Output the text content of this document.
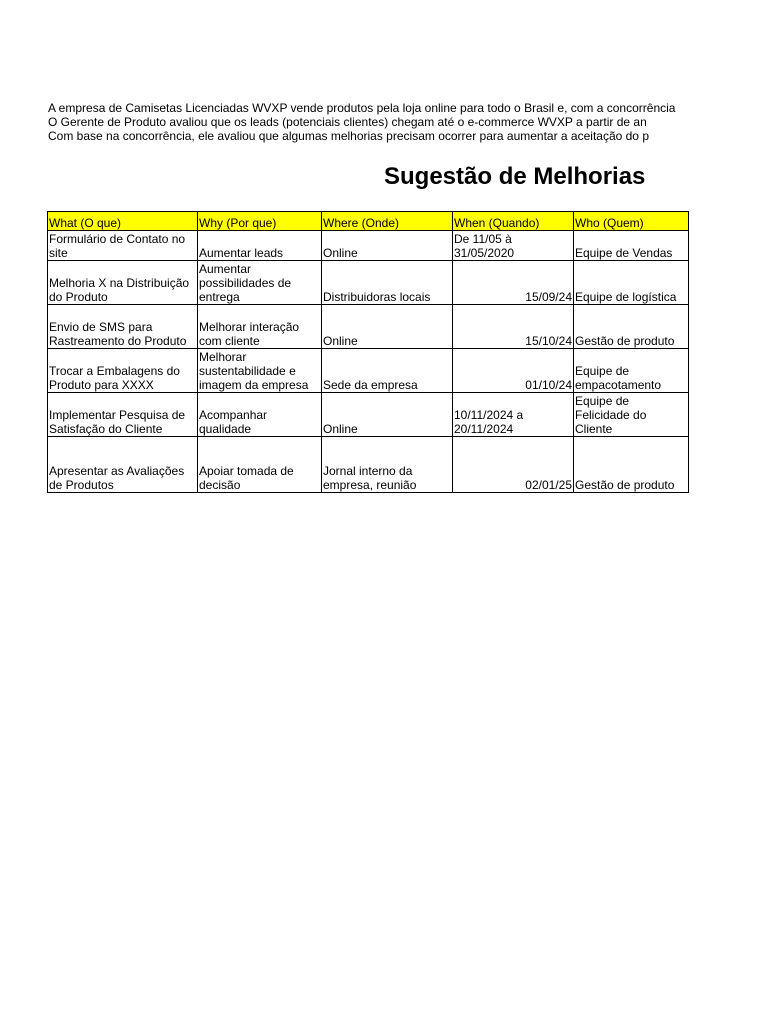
A empresa de Camisetas Licenciadas WVXP vende produtos pela loja online para todo o Brasil e, com a concorrência
O Gerente de Produto avaliou que os leads (potenciais clientes) chegam até o e-commerce WVXP a partir de an
Com base na concorrência, ele avaliou que algumas melhorias precisam ocorrer para aumentar a aceitação do p
Sugestão de Melhorias
What (O que)	Why (Por que)	Where (Onde)	When (Quando)	Who (Quem)
Formulário de Contato no site	Aumentar leads	Online	De 11/05 à 31/05/2020	Equipe de Vendas
Melhoria X na Distribuição do Produto	Aumentar possibilidades de entrega	Distribuidoras locais	15/09/24	Equipe de logística
Envio de SMS para Rastreamento do Produto	Melhorar interação com cliente	Online	15/10/24	Gestão de produto
Trocar a Embalagens do Produto para XXXX	Melhorar sustentabilidade e imagem da empresa	Sede da empresa	01/10/24	Equipe de empacotamento
Implementar Pesquisa de Satisfação do Cliente	Acompanhar qualidade	Online	10/11/2024 a 20/11/2024	Equipe de Felicidade do Cliente
Apresentar as Avaliações de Produtos	Apoiar tomada de decisão	Jornal interno da empresa, reunião	02/01/25	Gestão de produto
